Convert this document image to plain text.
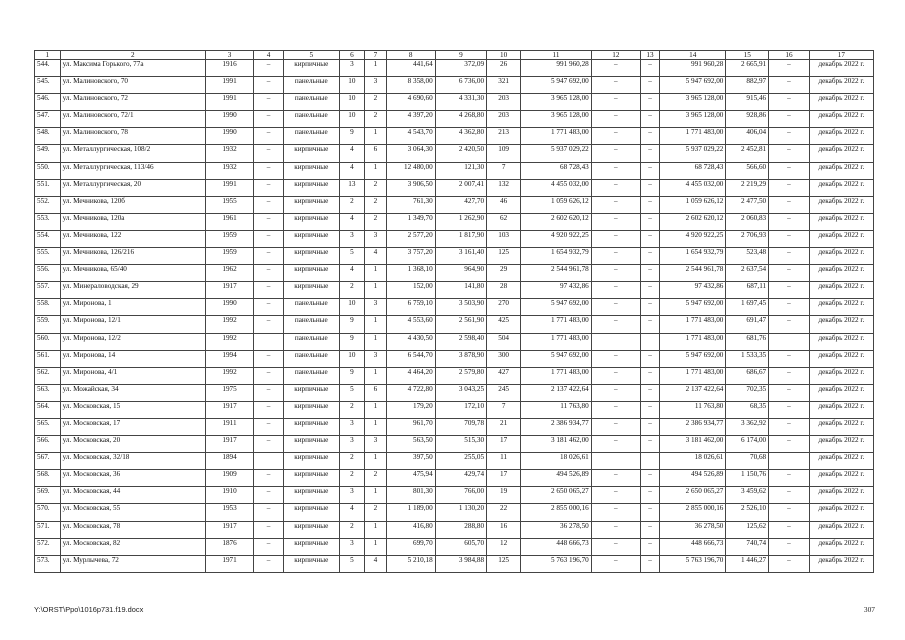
1	2	3	4	5	6	7	8	9	10	11	12	13	14	15	16	17
544.	ул. Максима Горького, 77а	1916	–	кирпичные	3	1	441,64	372,09	26	991 960,28	–	–	991 960,28	2 665,91	–	декабрь 2022 г.
545.	ул. Малиновского, 70	1991	–	панельные	10	3	8 358,00	6 736,00	321	5 947 692,00	–	–	5 947 692,00	882,97	–	декабрь 2022 г.
546.	ул. Малиновского, 72	1991	–	панельные	10	2	4 690,60	4 331,30	203	3 965 128,00	–	–	3 965 128,00	915,46	–	декабрь 2022 г.
547.	ул. Малиновского, 72/1	1990	–	панельные	10	2	4 397,20	4 268,80	203	3 965 128,00	–	–	3 965 128,00	928,86	–	декабрь 2022 г.
548.	ул. Малиновского, 78	1990	–	панельные	9	1	4 543,70	4 362,80	213	1 771 483,00	–	–	1 771 483,00	406,04	–	декабрь 2022 г.
549.	ул. Металлургическая, 108/2	1932	–	кирпичные	4	6	3 064,30	2 420,50	109	5 937 029,22	–	–	5 937 029,22	2 452,81	–	декабрь 2022 г.
550.	ул. Металлургическая, 113/46	1932	–	кирпичные	4	1	12 480,00	121,30	7	68 728,43	–	–	68 728,43	566,60	–	декабрь 2022 г.
551.	ул. Металлургическая, 20	1991	–	кирпичные	13	2	3 906,50	2 007,41	132	4 455 032,00	–	–	4 455 032,00	2 219,29	–	декабрь 2022 г.
552.	ул. Мечникова, 120б	1955	–	кирпичные	2	2	761,30	427,70	46	1 059 626,12	–	–	1 059 626,12	2 477,50	–	декабрь 2022 г.
553.	ул. Мечникова, 120а	1961	–	кирпичные	4	2	1 349,70	1 262,90	62	2 602 620,12	–	–	2 602 620,12	2 060,83	–	декабрь 2022 г.
554.	ул. Мечникова, 122	1959	–	кирпичные	3	3	2 577,20	1 817,90	103	4 920 922,25	–	–	4 920 922,25	2 706,93	–	декабрь 2022 г.
555.	ул. Мечникова, 126/216	1959	–	кирпичные	5	4	3 757,20	3 161,40	125	1 654 932,79	–	–	1 654 932,79	523,48	–	декабрь 2022 г.
556.	ул. Мечникова, 65/40	1962	–	кирпичные	4	1	1 368,10	964,90	29	2 544 961,78	–	–	2 544 961,78	2 637,54	–	декабрь 2022 г.
557.	ул. Минераловодская, 29	1917	–	кирпичные	2	1	152,00	141,80	28	97 432,86	–	–	97 432,86	687,11	–	декабрь 2022 г.
558.	ул. Миронова, 1	1990	–	панельные	10	3	6 759,10	3 503,90	270	5 947 692,00	–	–	5 947 692,00	1 697,45	–	декабрь 2022 г.
559.	ул. Миронова, 12/1	1992	–	панельные	9	1	4 553,60	2 561,90	425	1 771 483,00	–	–	1 771 483,00	691,47	–	декабрь 2022 г.
560.	ул. Миронова, 12/2	1992		панельные	9	1	4 430,50	2 598,40	504	1 771 483,00			1 771 483,00	681,76		декабрь 2022 г.
561.	ул. Миронова, 14	1994	–	панельные	10	3	6 544,70	3 878,90	300	5 947 692,00	–	–	5 947 692,00	1 533,35	–	декабрь 2022 г.
562.	ул. Миронова, 4/1	1992	–	панельные	9	1	4 464,20	2 579,80	427	1 771 483,00	–	–	1 771 483,00	686,67	–	декабрь 2022 г.
563.	ул. Можайская, 34	1975	–	кирпичные	5	6	4 722,80	3 043,25	245	2 137 422,64	–	–	2 137 422,64	702,35	–	декабрь 2022 г.
564.	ул. Московская, 15	1917	–	кирпичные	2	1	179,20	172,10	7	11 763,80	–	–	11 763,80	68,35	–	декабрь 2022 г.
565.	ул. Московская, 17	1911	–	кирпичные	3	1	961,70	709,78	21	2 386 934,77	–	–	2 386 934,77	3 362,92	–	декабрь 2022 г.
566.	ул. Московская, 20	1917	–	кирпичные	3	3	563,50	515,30	17	3 181 462,00	–	–	3 181 462,00	6 174,00	–	декабрь 2022 г.
567.	ул. Московская, 32/18	1894		кирпичные	2	1	397,50	255,05	11	18 026,61			18 026,61	70,68		декабрь 2022 г.
568.	ул. Московская, 36	1909	–	кирпичные	2	2	475,94	429,74	17	494 526,89	–	–	494 526,89	1 150,76	–	декабрь 2022 г.
569.	ул. Московская, 44	1910	–	кирпичные	3	1	801,30	766,00	19	2 650 065,27	–	–	2 650 065,27	3 459,62	–	декабрь 2022 г.
570.	ул. Московская, 55	1953	–	кирпичные	4	2	1 189,00	1 130,20	22	2 855 000,16	–	–	2 855 000,16	2 526,10	–	декабрь 2022 г.
571.	ул. Московская, 78	1917	–	кирпичные	2	1	416,80	288,80	16	36 278,50	–	–	36 278,50	125,62	–	декабрь 2022 г.
572.	ул. Московская, 82	1876	–	кирпичные	3	1	699,70	605,70	12	448 666,73	–	–	448 666,73	740,74	–	декабрь 2022 г.
573.	ул. Мурлычева, 72	1971	–	кирпичные	5	4	5 210,18	3 984,88	125	5 763 196,70	–	–	5 763 196,70	1 446,27	–	декабрь 2022 г.
Y:\ORST\Ppo\1016p731.f19.docx	307
